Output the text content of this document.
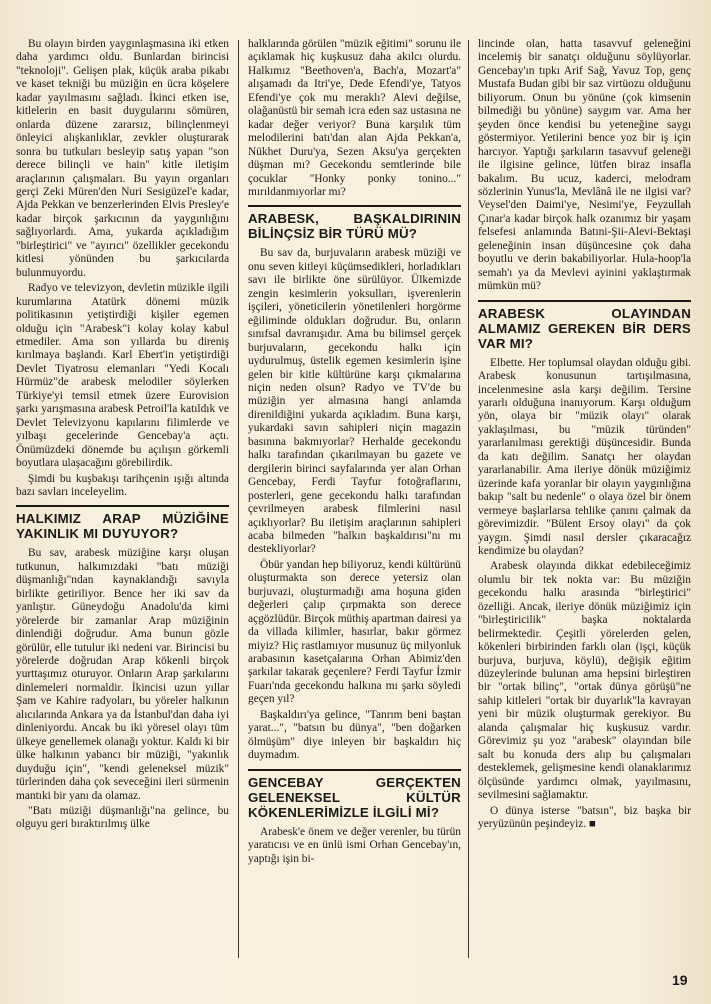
Bu olayın birden yaygınlaşmasına iki etken daha yardımcı oldu. Bunlardan birincisi "teknoloji". Gelişen plak, küçük araba pikabı ve kaset tekniği bu müziğin en ücra köşelere kadar yayılmasını sağladı. İkinci etken ise, kitlelerin en basit duygularını sömüren, onlarda düzene zararsız, bilinçlenmeyi önleyici alışkanlıklar, zevkler oluşturarak sonra bu tutkuları besleyip satış yapan "son derece bilinçli ve hain" kitle iletişim araçlarının çalışmaları. Bu yayın organları gerçi Zeki Müren'den Nuri Sesigüzel'e kadar, Ajda Pekkan ve benzerlerinden Elvis Presley'e kadar birçok şarkıcının da yaygınlığını sağlıyorlardı. Ama, yukarda açıkladığım "birleştirici" ve "ayırıcı" özellikler gecekondu kitlesi yönünden bu şarkıcılarda bulunmuyordu.

Radyo ve televizyon, devletin müzikle ilgili kurumlarına Atatürk dönemi müzik politikasının yetiştirdiği kişiler egemen olduğu için "Arabesk"i kolay kolay kabul etmediler. Ama son yıllarda bu direniş kırılmaya başlandı. Karl Ebert'in yetiştirdiği Devlet Tiyatrosu elemanları "Yedi Kocalı Hürmüz"de arabesk melodiler söylerken Türkiye'yi temsil etmek üzere Eurovision şarkı yarışmasına arabesk Petroil'la katıldık ve Devlet Televizyonu kapılarını filimlerde ve yılbaşı gecelerinde Gencebay'a açtı. Önümüzdeki dönemde bu açılışın görkemli boyutlara ulaşacağını görebilirdik.

Şimdi bu kuşbakışı tarihçenin ışığı altında bazı savları inceleyelim.

HALKIMIZ ARAP MÜZİĞİNE YAKINLIK MI DUYUYOR?

Bu sav, arabesk müziğine karşı oluşan tutkunun, halkımızdaki "batı müziği düşmanlığı"ndan kaynaklandığı savıyla birlikte getiriliyor. Bence her iki sav da yanlıştır. Güneydoğu Anadolu'da kimi yörelerde bir zamanlar Arap müziğinin dinlendiği doğrudur. Ama bunun gözle görülür, elle tutulur iki nedeni var. Birincisi bu yörelerde doğrudan Arap kökenli birçok yurttaşımız oturuyor. Onların Arap şarkılarını dinlemeleri normaldir. İkincisi uzun yıllar Şam ve Kahire radyoları, bu yöreler halkının alıcılarında Ankara ya da İstanbul'dan daha iyi dinleniyordu. Ancak bu iki yöresel olayı tüm ülkeye genellemek olanağı yoktur. Kaldı ki bir ülke halkının yabancı bir müziği, "yakınlık duyduğu için", "kendi geleneksel müzik" türlerinden daha çok seveceğini ileri sürmenin mantıki bir yanı da olamaz.

"Batı müziği düşmanlığı"na gelince, bu olguyu geri bıraktırılmış ülke

halklarında görülen "müzik eğitimi" sorunu ile açıklamak hiç kuşkusuz daha akılcı olurdu. Halkımız "Beethoven'a, Bach'a, Mozart'a" alışamadı da Itri'ye, Dede Efendi'ye, Tatyos Efendi'ye çok mu meraklı? Alevi değilse, olağanüstü bir semah icra eden saz ustasına ne kadar değer veriyor? Buna karşılık tüm melodilerini batı'dan alan Ajda Pekkan'a, Nükhet Duru'ya, Sezen Aksu'ya gerçekten düşman mı? Gecekondu semtlerinde bile çocuklar "Honky ponky tonino..." mırıldanmıyorlar mı?

ARABESK, BAŞKALDIRININ BİLİNÇSİZ BİR TÜRÜ MÜ?

Bu sav da, burjuvaların arabesk müziği ve onu seven kitleyi küçümsedikleri, horladıkları savı ile birlikte öne sürülüyor. Ülkemizde zengin kesimlerin yoksulları, işverenlerin işçileri, yöneticilerin yönetilenleri horgörme eğiliminde oldukları doğrudur. Bu, onların sınıfsal davranışıdır. Ama bu bilimsel gerçek burjuvaların, gecekondu halkı için uydurulmuş, üstelik egemen kesimlerin işine gelen bir kitle kültürüne karşı çıkmalarına niçin neden olsun? Radyo ve TV'de bu müziğin yer almasına hangi anlamda direnildiğini yukarda açıkladım. Buna karşı, yukardaki savın sahipleri niçin magazin basınına bakmıyorlar? Herhalde gecekondu halkı tarafından çıkarılmayan bu gazete ve dergilerin birinci sayfalarında yer alan Orhan Gencebay, Ferdi Tayfur fotoğraflarını, posterleri, gene gecekondu halkı tarafından çevrilmeyen arabesk filmlerini nasıl açıklıyorlar? Bu iletişim araçlarının sahipleri acaba bilmeden "halkın başkaldırısı"nı mı destekliyorlar?

Öbür yandan hep biliyoruz, kendi kültürünü oluşturmakta son derece yetersiz olan burjuvazi, oluşturmadığı ama hoşuna giden değerleri çalıp çırpmakta son derece açgözlüdür. Birçok müthiş apartman dairesi ya da villada kilimler, hasırlar, bakır görmez miyiz? Hiç rastlamıyor musunuz üç milyonluk arabasının kasetçalarına Orhan Abimiz'den şarkılar takarak geçenlere? Ferdi Tayfur İzmir Fuarı'nda gecekondu halkına mı şarkı söyledi geçen yıl?

Başkaldırı'ya gelince, "Tanrım beni baştan yarat...", "batsın bu dünya", "ben doğarken ölmüşüm" diye inleyen bir başkaldırı hiç duymadım.

GENCEBAY GERÇEKTEN GELENEKSEL KÜLTÜR KÖKENLERİMİZLE İLGİLİ Mİ?

Arabesk'e önem ve değer verenler, bu türün yaratıcısı ve en ünlü ismi Orhan Gencebay'ın, yaptığı işin bi-

lincinde olan, hatta tasavvuf geleneğini incelemiş bir sanatçı olduğunu söylüyorlar. Gencebay'ın tıpkı Arif Sağ, Yavuz Top, genç Mustafa Budan gibi bir saz virtüozu olduğunu biliyorum. Onun bu yönüne (çok kimsenin bilmediği bu yönüne) saygım var. Ama her şeyden önce kendisi bu yeteneğine saygı göstermiyor. Yetilerini bence yoz bir iş için harcıyor. Yaptığı şarkıların tasavvuf geleneği ile ilgisine gelince, lütfen biraz insafla bakalım. Bu ucuz, kaderci, melodram sözlerinin Yunus'la, Mevlânâ ile ne ilgisi var? Veysel'den Daimi'ye, Nesimi'ye, Feyzullah Çınar'a kadar birçok halk ozanımız bir yaşam felsefesi anlamında Batıni-Şii-Alevi-Bektaşi geleneğinin insan düşüncesine çok daha boyutlu ve derin bakabiliyorlar. Hula-hoop'la semah'ı ya da Mevlevi ayinini yaklaştırmak mümkün mü?

ARABESK OLAYINDAN ALMAMIZ GEREKEN BİR DERS VAR MI?

Elbette. Her toplumsal olaydan olduğu gibi. Arabesk konusunun tartışılmasına, incelenmesine asla karşı değilim. Tersine yararlı olduğuna inanıyorum. Karşı olduğum yön, olaya bir "müzik olayı" olarak yaklaşılması, bu "müzik türünden" yararlanılması gerektiği düşüncesidir. Bunda da katı değilim. Sanatçı her olaydan yararlanabilir. Ama ileriye dönük müziğimiz üzerinde kafa yoranlar bir olayın yaygınlığına bakıp "salt bu nedenle" o olaya özel bir önem vermeye başlarlarsa tehlike çanını çalmak da görevimizdir. "Bülent Ersoy olayı" da çok yaygın. Şimdi nasıl dersler çıkaracağız kendimize bu olaydan?

Arabesk olayında dikkat edebileceğimiz olumlu bir tek nokta var: Bu müziğin gecekondu halkı arasında "birleştirici" özelliği. Ancak, ileriye dönük müziğimiz için "birleştiricilik" başka noktalarda belirmektedir. Çeşitli yörelerden gelen, kökenleri birbirinden farklı olan (işçi, küçük burjuva, burjuva, köylü), değişik eğitim düzeylerinde bulunan ama hepsini birleştiren bir "ortak bilinç", "ortak dünya görüşü"ne sahip kitleleri "ortak bir duyarlık"la kavrayan yeni bir müzik oluşturmak gerekiyor. Bu alanda çalışmalar hiç kuşkusuz vardır. Görevimiz şu yoz "arabesk" olayından bile salt bu konuda ders alıp bu çalışmaları desteklemek, gelişmesine kendi olanaklarımız ölçüsünde yardımcı olmak, yayılmasını, sevilmesini sağlamaktır.

O dünya isterse "batsın", biz başka bir yeryüzünün peşindeyiz. ■

19
